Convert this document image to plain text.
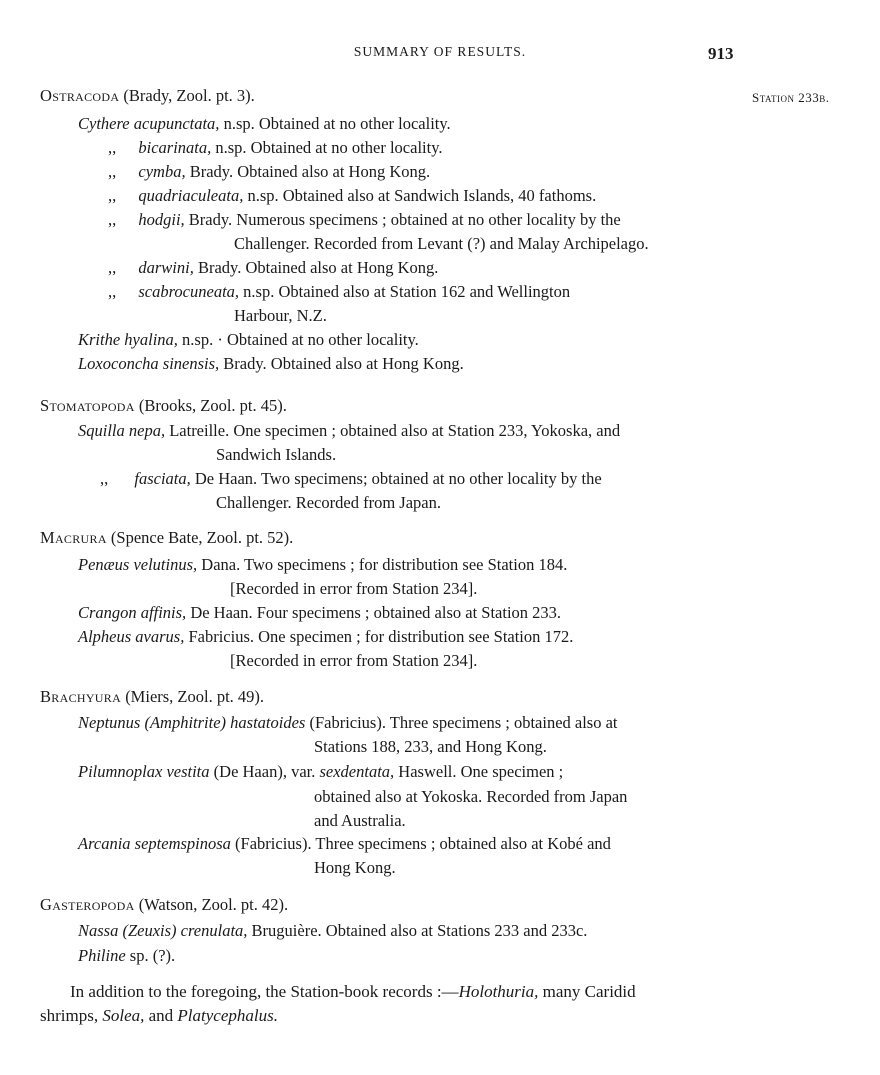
SUMMARY OF RESULTS.	913
Station 233b.
Ostracoda (Brady, Zool. pt. 3).
Cythere acupunctata, n.sp. Obtained at no other locality.
,, bicarinata, n.sp. Obtained at no other locality.
,, cymba, Brady. Obtained also at Hong Kong.
,, quadriaculeata, n.sp. Obtained also at Sandwich Islands, 40 fathoms.
,, hodgii, Brady. Numerous specimens ; obtained at no other locality by the
Challenger. Recorded from Levant (?) and Malay Archipelago.
,, darwini, Brady. Obtained also at Hong Kong.
,, scabrocuneata, n.sp. Obtained also at Station 162 and Wellington
Harbour, N.Z.
Krithe hyalina, n.sp. · Obtained at no other locality.
Loxoconcha sinensis, Brady. Obtained also at Hong Kong.
Stomatopoda (Brooks, Zool. pt. 45).
Squilla nepa, Latreille. One specimen ; obtained also at Station 233, Yokoska, and
Sandwich Islands.
,, fasciata, De Haan. Two specimens; obtained at no other locality by the
Challenger. Recorded from Japan.
Macrura (Spence Bate, Zool. pt. 52).
Penæus velutinus, Dana. Two specimens ; for distribution see Station 184.
[Recorded in error from Station 234].
Crangon affinis, De Haan. Four specimens ; obtained also at Station 233.
Alpheus avarus, Fabricius. One specimen ; for distribution see Station 172.
[Recorded in error from Station 234].
Brachyura (Miers, Zool. pt. 49).
Neptunus (Amphitrite) hastatoides (Fabricius). Three specimens ; obtained also at
Stations 188, 233, and Hong Kong.
Pilumnoplax vestita (De Haan), var. sexdentata, Haswell. One specimen ;
obtained also at Yokoska. Recorded from Japan
and Australia.
Arcania septemspinosa (Fabricius). Three specimens ; obtained also at Kobé and
Hong Kong.
Gasteropoda (Watson, Zool. pt. 42).
Nassa (Zeuxis) crenulata, Bruguière. Obtained also at Stations 233 and 233c.
Philine sp. (?).
In addition to the foregoing, the Station-book records :—Holothuria, many Caridid
shrimps, Solea, and Platycephalus.
